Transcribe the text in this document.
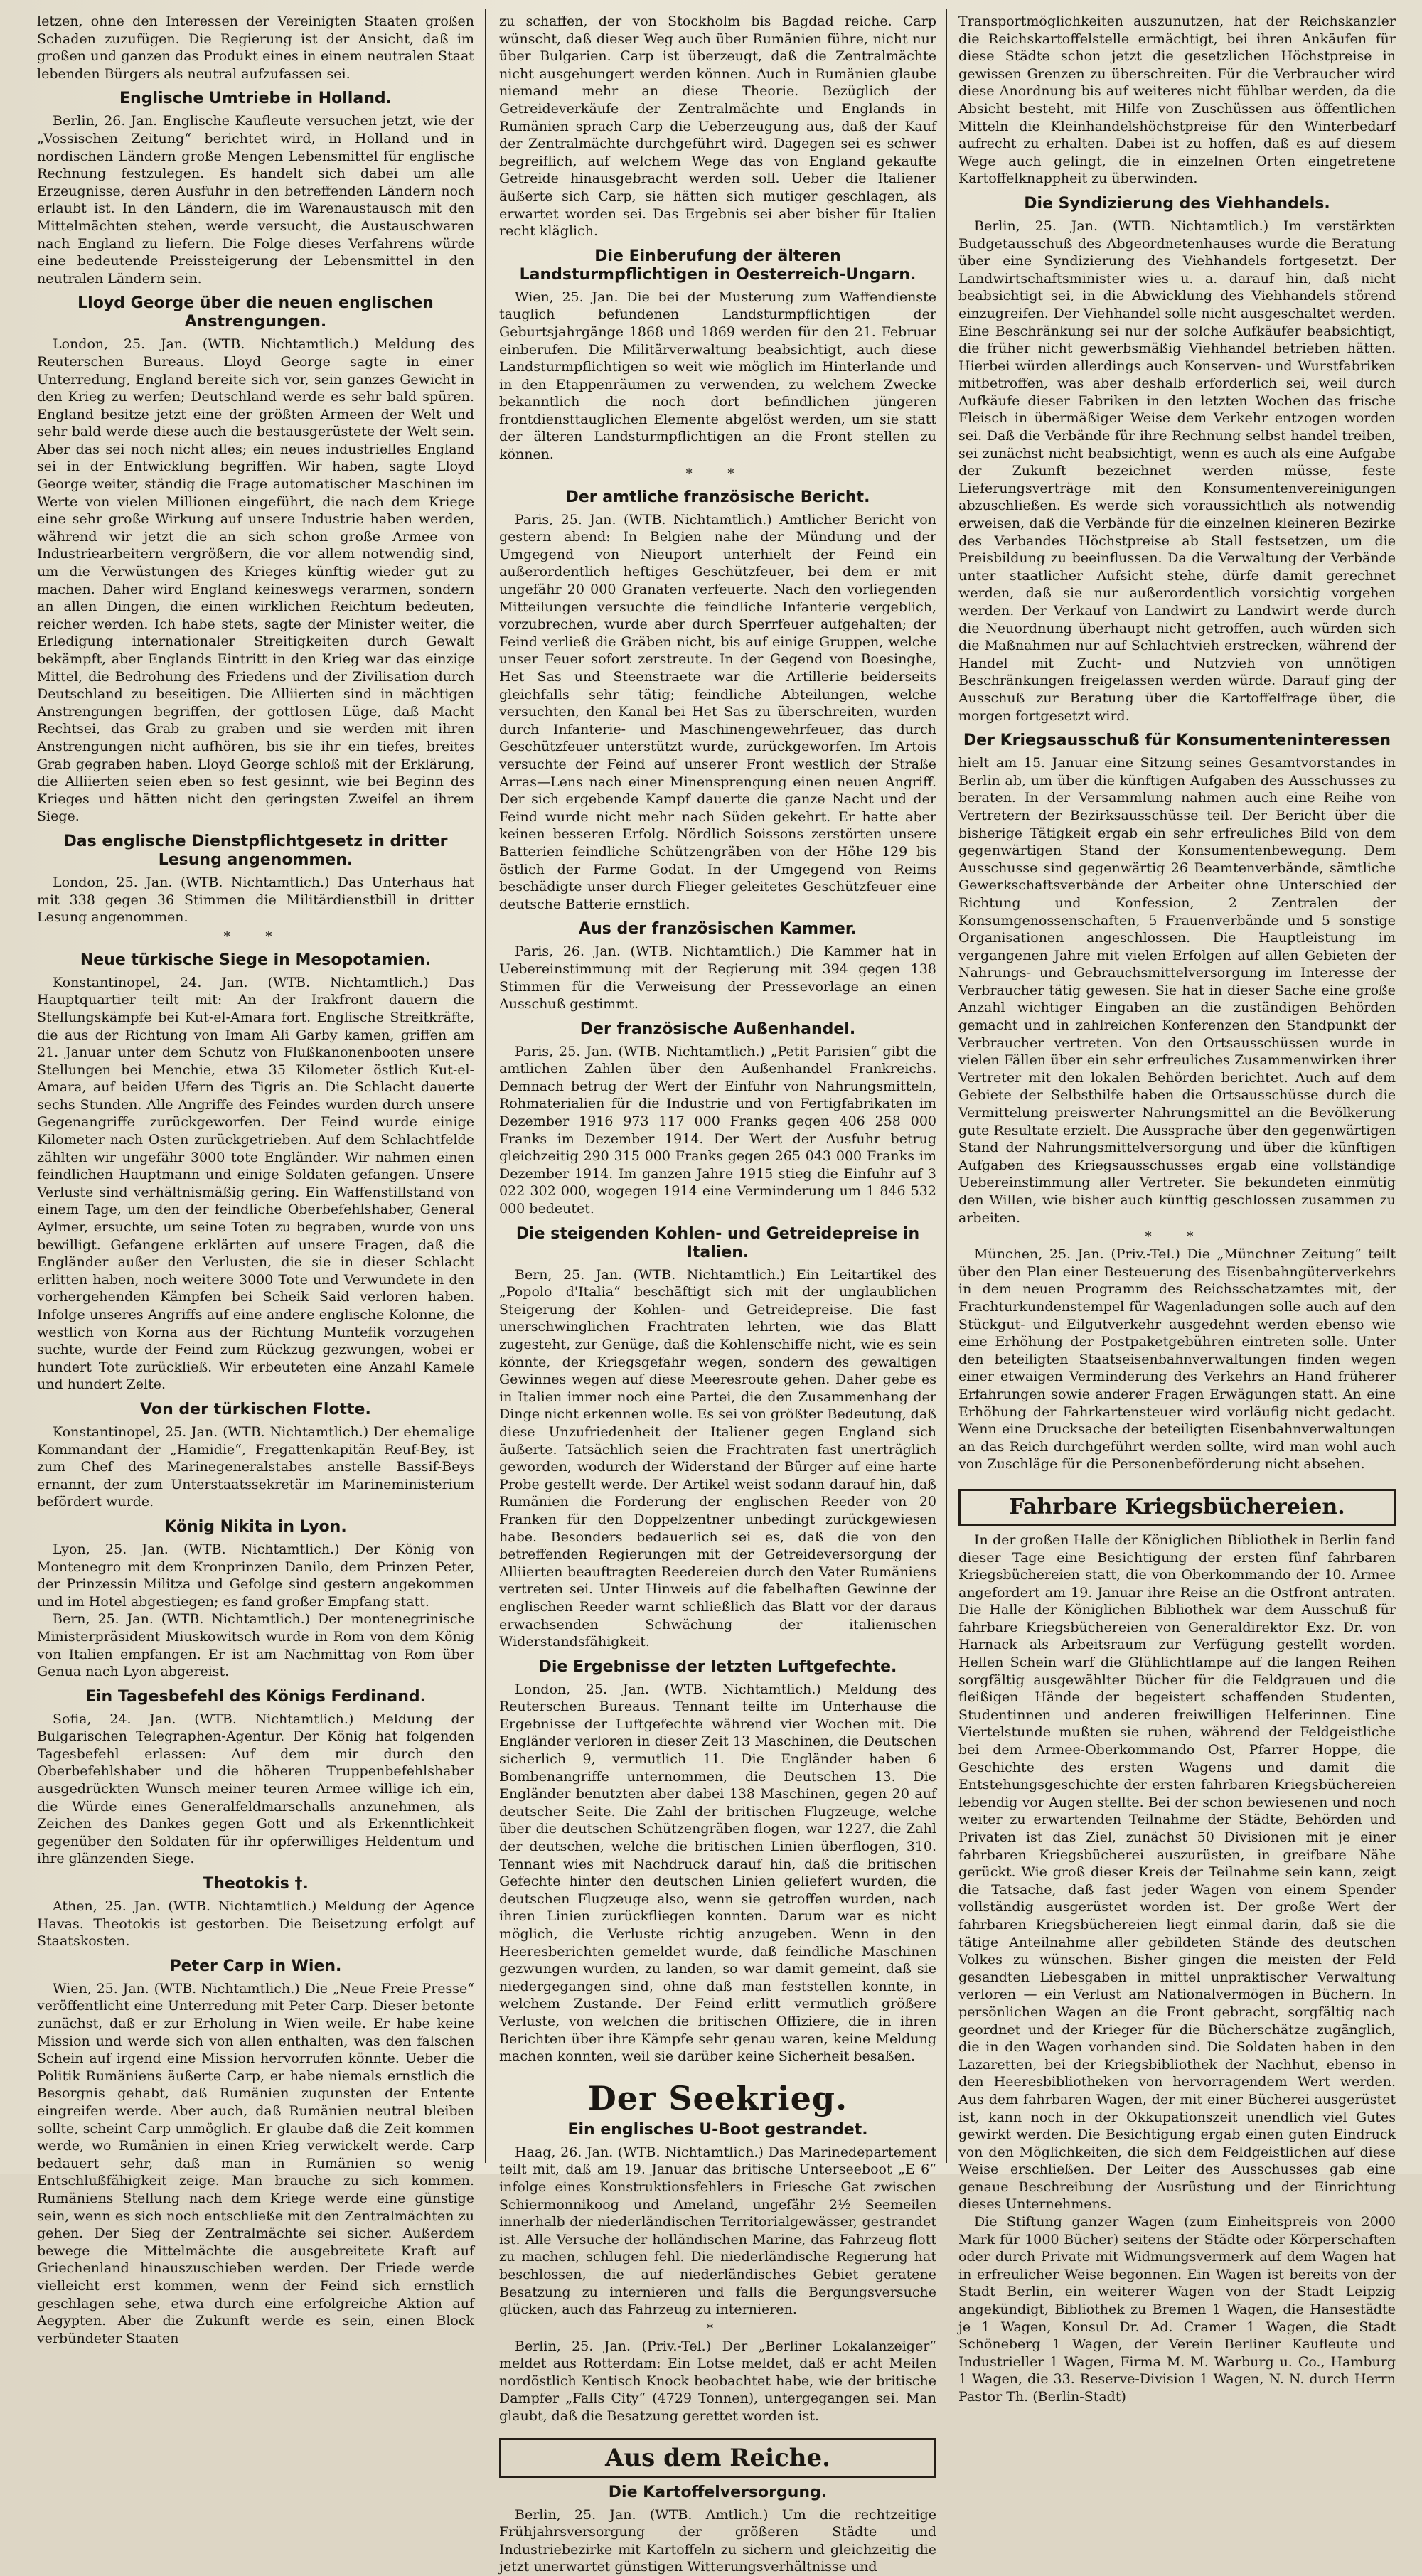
letzen, ohne den Interessen der Vereinigten Staaten großen Schaden zuzufügen. Die Regierung ist der Ansicht, daß im großen und ganzen das Produkt eines in einem neutralen Staat lebenden Bürgers als neutral aufzufassen sei.

Englische Umtriebe in Holland.

Berlin, 26. Jan. Englische Kaufleute versuchen jetzt, wie der „Vossischen Zeitung“ berichtet wird, in Holland und in nordischen Ländern große Mengen Lebensmittel für englische Rechnung festzulegen. Es handelt sich dabei um alle Erzeugnisse, deren Ausfuhr in den betreffenden Ländern noch erlaubt ist. In den Ländern, die im Warenaustausch mit den Mittelmächten stehen, werde versucht, die Austauschwaren nach England zu liefern. Die Folge dieses Verfahrens würde eine bedeutende Preissteigerung der Lebensmittel in den neutralen Ländern sein.

Lloyd George über die neuen englischen Anstrengungen.

London, 25. Jan. (WTB. Nichtamtlich.) Meldung des Reuterschen Bureaus. Lloyd George sagte in einer Unterredung, England bereite sich vor, sein ganzes Gewicht in den Krieg zu werfen; Deutschland werde es sehr bald spüren. England besitze jetzt eine der größten Armeen der Welt und sehr bald werde diese auch die bestausgerüstete der Welt sein. Aber das sei noch nicht alles; ein neues industrielles England sei in der Entwicklung begriffen. Wir haben, sagte Lloyd George weiter, ständig die Frage automatischer Maschinen im Werte von vielen Millionen eingeführt, die nach dem Kriege eine sehr große Wirkung auf unsere Industrie haben werden, während wir jetzt die an sich schon große Armee von Industriearbeitern vergrößern, die vor allem notwendig sind, um die Verwüstungen des Krieges künftig wieder gut zu machen. Daher wird England keineswegs verarmen, sondern an allen Dingen, die einen wirklichen Reichtum bedeuten, reicher werden. Ich habe stets, sagte der Minister weiter, die Erledigung internationaler Streitigkeiten durch Gewalt bekämpft, aber Englands Eintritt in den Krieg war das einzige Mittel, die Bedrohung des Friedens und der Zivilisation durch Deutschland zu beseitigen. Die Alliierten sind in mächtigen Anstrengungen begriffen, der gottlosen Lüge, daß Macht Rechtsei, das Grab zu graben und sie werden mit ihren Anstrengungen nicht aufhören, bis sie ihr ein tiefes, breites Grab gegraben haben. Lloyd George schloß mit der Erklärung, die Alliierten seien eben so fest gesinnt, wie bei Beginn des Krieges und hätten nicht den geringsten Zweifel an ihrem Siege.

Das englische Dienstpflichtgesetz in dritter Lesung angenommen.

London, 25. Jan. (WTB. Nichtamtlich.) Das Unterhaus hat mit 338 gegen 36 Stimmen die Militärdienstbill in dritter Lesung angenommen.

* *
Neue türkische Siege in Mesopotamien.

Konstantinopel, 24. Jan. (WTB. Nichtamtlich.) Das Hauptquartier teilt mit: An der Irakfront dauern die Stellungskämpfe bei Kut-el-Amara fort. Englische Streitkräfte, die aus der Richtung von Imam Ali Garby kamen, griffen am 21. Januar unter dem Schutz von Flußkanonenbooten unsere Stellungen bei Menchie, etwa 35 Kilometer östlich Kut-el-Amara, auf beiden Ufern des Tigris an. Die Schlacht dauerte sechs Stunden. Alle Angriffe des Feindes wurden durch unsere Gegenangriffe zurückgeworfen. Der Feind wurde einige Kilometer nach Osten zurückgetrieben. Auf dem Schlachtfelde zählten wir ungefähr 3000 tote Engländer. Wir nahmen einen feindlichen Hauptmann und einige Soldaten gefangen. Unsere Verluste sind verhältnismäßig gering. Ein Waffenstillstand von einem Tage, um den der feindliche Oberbefehlshaber, General Aylmer, ersuchte, um seine Toten zu begraben, wurde von uns bewilligt. Gefangene erklärten auf unsere Fragen, daß die Engländer außer den Verlusten, die sie in dieser Schlacht erlitten haben, noch weitere 3000 Tote und Verwundete in den vorhergehenden Kämpfen bei Scheik Said verloren haben. Infolge unseres Angriffs auf eine andere englische Kolonne, die westlich von Korna aus der Richtung Muntefik vorzugehen suchte, wurde der Feind zum Rückzug gezwungen, wobei er hundert Tote zurückließ. Wir erbeuteten eine Anzahl Kamele und hundert Zelte.

Von der türkischen Flotte.

Konstantinopel, 25. Jan. (WTB. Nichtamtlich.) Der ehemalige Kommandant der „Hamidie“, Fregattenkapitän Reuf-Bey, ist zum Chef des Marinegeneralstabes anstelle Bassif-Beys ernannt, der zum Unterstaatssekretär im Marineministerium befördert wurde.

König Nikita in Lyon.

Lyon, 25. Jan. (WTB. Nichtamtlich.) Der König von Montenegro mit dem Kronprinzen Danilo, dem Prinzen Peter, der Prinzessin Militza und Gefolge sind gestern angekommen und im Hotel abgestiegen; es fand großer Empfang statt.

Bern, 25. Jan. (WTB. Nichtamtlich.) Der montenegrinische Ministerpräsident Miuskowitsch wurde in Rom von dem König von Italien empfangen. Er ist am Nachmittag von Rom über Genua nach Lyon abgereist.

Ein Tagesbefehl des Königs Ferdinand.

Sofia, 24. Jan. (WTB. Nichtamtlich.) Meldung der Bulgarischen Telegraphen-Agentur. Der König hat folgenden Tagesbefehl erlassen: Auf dem mir durch den Oberbefehlshaber und die höheren Truppenbefehlshaber ausgedrückten Wunsch meiner teuren Armee willige ich ein, die Würde eines Generalfeldmarschalls anzunehmen, als Zeichen des Dankes gegen Gott und als Erkenntlichkeit gegenüber den Soldaten für ihr opferwilliges Heldentum und ihre glänzenden Siege.

Theotokis †.

Athen, 25. Jan. (WTB. Nichtamtlich.) Meldung der Agence Havas. Theotokis ist gestorben. Die Beisetzung erfolgt auf Staatskosten.

Peter Carp in Wien.

Wien, 25. Jan. (WTB. Nichtamtlich.) Die „Neue Freie Presse“ veröffentlicht eine Unterredung mit Peter Carp. Dieser betonte zunächst, daß er zur Erholung in Wien weile. Er habe keine Mission und werde sich von allen enthalten, was den falschen Schein auf irgend eine Mission hervorrufen könnte. Ueber die Politik Rumäniens äußerte Carp, er habe niemals ernstlich die Besorgnis gehabt, daß Rumänien zugunsten der Entente eingreifen werde. Aber auch, daß Rumänien neutral bleiben sollte, scheint Carp unmöglich. Er glaube daß die Zeit kommen werde, wo Rumänien in einen Krieg verwickelt werde. Carp bedauert sehr, daß man in Rumänien so wenig Entschlußfähigkeit zeige. Man brauche zu sich kommen. Rumäniens Stellung nach dem Kriege werde eine günstige sein, wenn es sich noch entschließe mit den Zentralmächten zu gehen. Der Sieg der Zentralmächte sei sicher. Außerdem bewege die Mittelmächte die ausgebreitete Kraft auf Griechenland hinauszuschieben werden. Der Friede werde vielleicht erst kommen, wenn der Feind sich ernstlich geschlagen sehe, etwa durch eine erfolgreiche Aktion auf Aegypten. Aber die Zukunft werde es sein, einen Block verbündeter Staaten

zu schaffen, der von Stockholm bis Bagdad reiche. Carp wünscht, daß dieser Weg auch über Rumänien führe, nicht nur über Bulgarien. Carp ist überzeugt, daß die Zentralmächte nicht ausgehungert werden können. Auch in Rumänien glaube niemand mehr an diese Theorie. Bezüglich der Getreideverkäufe der Zentralmächte und Englands in Rumänien sprach Carp die Ueberzeugung aus, daß der Kauf der Zentralmächte durchgeführt wird. Dagegen sei es schwer begreiflich, auf welchem Wege das von England gekaufte Getreide hinausgebracht werden soll. Ueber die Italiener äußerte sich Carp, sie hätten sich mutiger geschlagen, als erwartet worden sei. Das Ergebnis sei aber bisher für Italien recht kläglich.

Die Einberufung der älteren Landsturmpflichtigen in Oesterreich-Ungarn.

Wien, 25. Jan. Die bei der Musterung zum Waffendienste tauglich befundenen Landsturmpflichtigen der Geburtsjahrgänge 1868 und 1869 werden für den 21. Februar einberufen. Die Militärverwaltung beabsichtigt, auch diese Landsturmpflichtigen so weit wie möglich im Hinterlande und in den Etappenräumen zu verwenden, zu welchem Zwecke bekanntlich die noch dort befindlichen jüngeren frontdiensttauglichen Elemente abgelöst werden, um sie statt der älteren Landsturmpflichtigen an die Front stellen zu können.

* *
Der amtliche französische Bericht.

Paris, 25. Jan. (WTB. Nichtamtlich.) Amtlicher Bericht von gestern abend: In Belgien nahe der Mündung und der Umgegend von Nieuport unterhielt der Feind ein außerordentlich heftiges Geschützfeuer, bei dem er mit ungefähr 20 000 Granaten verfeuerte. Nach den vorliegenden Mitteilungen versuchte die feindliche Infanterie vergeblich, vorzubrechen, wurde aber durch Sperrfeuer aufgehalten; der Feind verließ die Gräben nicht, bis auf einige Gruppen, welche unser Feuer sofort zerstreute. In der Gegend von Boesinghe, Het Sas und Steenstraete war die Artillerie beiderseits gleichfalls sehr tätig; feindliche Abteilungen, welche versuchten, den Kanal bei Het Sas zu überschreiten, wurden durch Infanterie- und Maschinengewehrfeuer, das durch Geschützfeuer unterstützt wurde, zurückgeworfen. Im Artois versuchte der Feind auf unserer Front westlich der Straße Arras—Lens nach einer Minensprengung einen neuen Angriff. Der sich ergebende Kampf dauerte die ganze Nacht und der Feind wurde nicht mehr nach Süden gekehrt. Er hatte aber keinen besseren Erfolg. Nördlich Soissons zerstörten unsere Batterien feindliche Schützengräben von der Höhe 129 bis östlich der Farme Godat. In der Umgegend von Reims beschädigte unser durch Flieger geleitetes Geschützfeuer eine deutsche Batterie ernstlich.

Aus der französischen Kammer.

Paris, 26. Jan. (WTB. Nichtamtlich.) Die Kammer hat in Uebereinstimmung mit der Regierung mit 394 gegen 138 Stimmen für die Verweisung der Pressevorlage an einen Ausschuß gestimmt.

Der französische Außenhandel.

Paris, 25. Jan. (WTB. Nichtamtlich.) „Petit Parisien“ gibt die amtlichen Zahlen über den Außenhandel Frankreichs. Demnach betrug der Wert der Einfuhr von Nahrungsmitteln, Rohmaterialien für die Industrie und von Fertigfabrikaten im Dezember 1916 973 117 000 Franks gegen 406 258 000 Franks im Dezember 1914. Der Wert der Ausfuhr betrug gleichzeitig 290 315 000 Franks gegen 265 043 000 Franks im Dezember 1914. Im ganzen Jahre 1915 stieg die Einfuhr auf 3 022 302 000, wogegen 1914 eine Verminderung um 1 846 532 000 bedeutet.

Die steigenden Kohlen- und Getreidepreise in Italien.

Bern, 25. Jan. (WTB. Nichtamtlich.) Ein Leitartikel des „Popolo d'Italia“ beschäftigt sich mit der unglaublichen Steigerung der Kohlen- und Getreidepreise. Die fast unerschwinglichen Frachtraten lehrten, wie das Blatt zugesteht, zur Genüge, daß die Kohlenschiffe nicht, wie es sein könnte, der Kriegsgefahr wegen, sondern des gewaltigen Gewinnes wegen auf diese Meeresroute gehen. Daher gebe es in Italien immer noch eine Partei, die den Zusammenhang der Dinge nicht erkennen wolle. Es sei von größter Bedeutung, daß diese Unzufriedenheit der Italiener gegen England sich äußerte. Tatsächlich seien die Frachtraten fast unerträglich geworden, wodurch der Widerstand der Bürger auf eine harte Probe gestellt werde. Der Artikel weist sodann darauf hin, daß Rumänien die Forderung der englischen Reeder von 20 Franken für den Doppelzentner unbedingt zurückgewiesen habe. Besonders bedauerlich sei es, daß die von den betreffenden Regierungen mit der Getreideversorgung der Alliierten beauftragten Reedereien durch den Vater Rumäniens vertreten sei. Unter Hinweis auf die fabelhaften Gewinne der englischen Reeder warnt schließlich das Blatt vor der daraus erwachsenden Schwächung der italienischen Widerstandsfähigkeit.

Die Ergebnisse der letzten Luftgefechte.

London, 25. Jan. (WTB. Nichtamtlich.) Meldung des Reuterschen Bureaus. Tennant teilte im Unterhause die Ergebnisse der Luftgefechte während vier Wochen mit. Die Engländer verloren in dieser Zeit 13 Maschinen, die Deutschen sicherlich 9, vermutlich 11. Die Engländer haben 6 Bombenangriffe unternommen, die Deutschen 13. Die Engländer benutzten aber dabei 138 Maschinen, gegen 20 auf deutscher Seite. Die Zahl der britischen Flugzeuge, welche über die deutschen Schützengräben flogen, war 1227, die Zahl der deutschen, welche die britischen Linien überflogen, 310. Tennant wies mit Nachdruck darauf hin, daß die britischen Gefechte hinter den deutschen Linien geliefert wurden, die deutschen Flugzeuge also, wenn sie getroffen wurden, nach ihren Linien zurückfliegen konnten. Darum war es nicht möglich, die Verluste richtig anzugeben. Wenn in den Heeresberichten gemeldet wurde, daß feindliche Maschinen gezwungen wurden, zu landen, so war damit gemeint, daß sie niedergegangen sind, ohne daß man feststellen konnte, in welchem Zustande. Der Feind erlitt vermutlich größere Verluste, von welchen die britischen Offiziere, die in ihren Berichten über ihre Kämpfe sehr genau waren, keine Meldung machen konnten, weil sie darüber keine Sicherheit besaßen.

Der Seekrieg.
Ein englisches U-Boot gestrandet.

Haag, 26. Jan. (WTB. Nichtamtlich.) Das Marinedepartement teilt mit, daß am 19. Januar das britische Unterseeboot „E 6“ infolge eines Konstruktionsfehlers in Friesche Gat zwischen Schiermonnikoog und Ameland, ungefähr 2½ Seemeilen innerhalb der niederländischen Territorialgewässer, gestrandet ist. Alle Versuche der holländischen Marine, das Fahrzeug flott zu machen, schlugen fehl. Die niederländische Regierung hat beschlossen, die auf niederländisches Gebiet geratene Besatzung zu internieren und falls die Bergungsversuche glücken, auch das Fahrzeug zu internieren.

*

Berlin, 25. Jan. (Priv.-Tel.) Der „Berliner Lokalanzeiger“ meldet aus Rotterdam: Ein Lotse meldet, daß er acht Meilen nordöstlich Kentisch Knock beobachtet habe, wie der britische Dampfer „Falls City“ (4729 Tonnen), untergegangen sei. Man glaubt, daß die Besatzung gerettet worden ist.

Aus dem Reiche.
Die Kartoffelversorgung.

Berlin, 25. Jan. (WTB. Amtlich.) Um die rechtzeitige Frühjahrsversorgung der größeren Städte und Industriebezirke mit Kartoffeln zu sichern und gleichzeitig die jetzt unerwartet günstigen Witterungsverhältnisse und

Transportmöglichkeiten auszunutzen, hat der Reichskanzler die Reichskartoffelstelle ermächtigt, bei ihren Ankäufen für diese Städte schon jetzt die gesetzlichen Höchstpreise in gewissen Grenzen zu überschreiten. Für die Verbraucher wird diese Anordnung bis auf weiteres nicht fühlbar werden, da die Absicht besteht, mit Hilfe von Zuschüssen aus öffentlichen Mitteln die Kleinhandelshöchstpreise für den Winterbedarf aufrecht zu erhalten. Dabei ist zu hoffen, daß es auf diesem Wege auch gelingt, die in einzelnen Orten eingetretene Kartoffelknappheit zu überwinden.

Die Syndizierung des Viehhandels.

Berlin, 25. Jan. (WTB. Nichtamtlich.) Im verstärkten Budgetausschuß des Abgeordnetenhauses wurde die Beratung über eine Syndizierung des Viehhandels fortgesetzt. Der Landwirtschaftsminister wies u. a. darauf hin, daß nicht beabsichtigt sei, in die Abwicklung des Viehhandels störend einzugreifen. Der Viehhandel solle nicht ausgeschaltet werden. Eine Beschränkung sei nur der solche Aufkäufer beabsichtigt, die früher nicht gewerbsmäßig Viehhandel betrieben hätten. Hierbei würden allerdings auch Konserven- und Wurstfabriken mitbetroffen, was aber deshalb erforderlich sei, weil durch Aufkäufe dieser Fabriken in den letzten Wochen das frische Fleisch in übermäßiger Weise dem Verkehr entzogen worden sei. Daß die Verbände für ihre Rechnung selbst handel treiben, sei zunächst nicht beabsichtigt, wenn es auch als eine Aufgabe der Zukunft bezeichnet werden müsse, feste Lieferungsverträge mit den Konsumentenvereinigungen abzuschließen. Es werde sich voraussichtlich als notwendig erweisen, daß die Verbände für die einzelnen kleineren Bezirke des Verbandes Höchstpreise ab Stall festsetzen, um die Preisbildung zu beeinflussen. Da die Verwaltung der Verbände unter staatlicher Aufsicht stehe, dürfe damit gerechnet werden, daß sie nur außerordentlich vorsichtig vorgehen werden. Der Verkauf von Landwirt zu Landwirt werde durch die Neuordnung überhaupt nicht getroffen, auch würden sich die Maßnahmen nur auf Schlachtvieh erstrecken, während der Handel mit Zucht- und Nutzvieh von unnötigen Beschränkungen freigelassen werden würde. Darauf ging der Ausschuß zur Beratung über die Kartoffelfrage über, die morgen fortgesetzt wird.

Der Kriegsausschuß für Konsumenteninteressen

hielt am 15. Januar eine Sitzung seines Gesamtvorstandes in Berlin ab, um über die künftigen Aufgaben des Ausschusses zu beraten. In der Versammlung nahmen auch eine Reihe von Vertretern der Bezirksausschüsse teil. Der Bericht über die bisherige Tätigkeit ergab ein sehr erfreuliches Bild von dem gegenwärtigen Stand der Konsumentenbewegung. Dem Ausschusse sind gegenwärtig 26 Beamtenverbände, sämtliche Gewerkschaftsverbände der Arbeiter ohne Unterschied der Richtung und Konfession, 2 Zentralen der Konsumgenossenschaften, 5 Frauenverbände und 5 sonstige Organisationen angeschlossen. Die Hauptleistung im vergangenen Jahre mit vielen Erfolgen auf allen Gebieten der Nahrungs- und Gebrauchsmittelversorgung im Interesse der Verbraucher tätig gewesen. Sie hat in dieser Sache eine große Anzahl wichtiger Eingaben an die zuständigen Behörden gemacht und in zahlreichen Konferenzen den Standpunkt der Verbraucher vertreten. Von den Ortsausschüssen wurde in vielen Fällen über ein sehr erfreuliches Zusammenwirken ihrer Vertreter mit den lokalen Behörden berichtet. Auch auf dem Gebiete der Selbsthilfe haben die Ortsausschüsse durch die Vermittelung preiswerter Nahrungsmittel an die Bevölkerung gute Resultate erzielt. Die Aussprache über den gegenwärtigen Stand der Nahrungsmittelversorgung und über die künftigen Aufgaben des Kriegsausschusses ergab eine vollständige Uebereinstimmung aller Vertreter. Sie bekundeten einmütig den Willen, wie bisher auch künftig geschlossen zusammen zu arbeiten.

* *

München, 25. Jan. (Priv.-Tel.) Die „Münchner Zeitung“ teilt über den Plan einer Besteuerung des Eisenbahngüterverkehrs in dem neuen Programm des Reichsschatzamtes mit, der Frachturkundenstempel für Wagenladungen solle auch auf den Stückgut- und Eilgutverkehr ausgedehnt werden ebenso wie eine Erhöhung der Postpaketgebühren eintreten solle. Unter den beteiligten Staatseisenbahnverwaltungen finden wegen einer etwaigen Verminderung des Verkehrs an Hand früherer Erfahrungen sowie anderer Fragen Erwägungen statt. An eine Erhöhung der Fahrkartensteuer wird vorläufig nicht gedacht. Wenn eine Drucksache der beteiligten Eisenbahnverwaltungen an das Reich durchgeführt werden sollte, wird man wohl auch von Zuschläge für die Personenbeförderung nicht absehen.

Fahrbare Kriegsbüchereien.

In der großen Halle der Königlichen Bibliothek in Berlin fand dieser Tage eine Besichtigung der ersten fünf fahrbaren Kriegsbüchereien statt, die von Oberkommando der 10. Armee angefordert am 19. Januar ihre Reise an die Ostfront antraten. Die Halle der Königlichen Bibliothek war dem Ausschuß für fahrbare Kriegsbüchereien von Generaldirektor Exz. Dr. von Harnack als Arbeitsraum zur Verfügung gestellt worden. Hellen Schein warf die Glühlichtlampe auf die langen Reihen sorgfältig ausgewählter Bücher für die Feldgrauen und die fleißigen Hände der begeistert schaffenden Studenten, Studentinnen und anderen freiwilligen Helferinnen. Eine Viertelstunde mußten sie ruhen, während der Feldgeistliche bei dem Armee-Oberkommando Ost, Pfarrer Hoppe, die Geschichte des ersten Wagens und damit die Entstehungsgeschichte der ersten fahrbaren Kriegsbüchereien lebendig vor Augen stellte. Bei der schon bewiesenen und noch weiter zu erwartenden Teilnahme der Städte, Behörden und Privaten ist das Ziel, zunächst 50 Divisionen mit je einer fahrbaren Kriegsbücherei auszurüsten, in greifbare Nähe gerückt. Wie groß dieser Kreis der Teilnahme sein kann, zeigt die Tatsache, daß fast jeder Wagen von einem Spender vollständig ausgerüstet worden ist. Der große Wert der fahrbaren Kriegsbüchereien liegt einmal darin, daß sie die tätige Anteilnahme aller gebildeten Stände des deutschen Volkes zu wünschen. Bisher gingen die meisten der Feld gesandten Liebesgaben in mittel unpraktischer Verwaltung verloren — ein Verlust am Nationalvermögen in Büchern. In persönlichen Wagen an die Front gebracht, sorgfältig nach geordnet und der Krieger für die Bücherschätze zugänglich, die in den Wagen vorhanden sind. Die Soldaten haben in den Lazaretten, bei der Kriegsbibliothek der Nachhut, ebenso in den Heeresbibliotheken von hervorragendem Wert werden. Aus dem fahrbaren Wagen, der mit einer Bücherei ausgerüstet ist, kann noch in der Okkupationszeit unendlich viel Gutes gewirkt werden. Die Besichtigung ergab einen guten Eindruck von den Möglichkeiten, die sich dem Feldgeistlichen auf diese Weise erschließen. Der Leiter des Ausschusses gab eine genaue Beschreibung der Ausrüstung und der Einrichtung dieses Unternehmens.

Die Stiftung ganzer Wagen (zum Einheitspreis von 2000 Mark für 1000 Bücher) seitens der Städte oder Körperschaften oder durch Private mit Widmungsvermerk auf dem Wagen hat in erfreulicher Weise begonnen. Ein Wagen ist bereits von der Stadt Berlin, ein weiterer Wagen von der Stadt Leipzig angekündigt, Bibliothek zu Bremen 1 Wagen, die Hansestädte je 1 Wagen, Konsul Dr. Ad. Cramer 1 Wagen, die Stadt Schöneberg 1 Wagen, der Verein Berliner Kaufleute und Industrieller 1 Wagen, Firma M. M. Warburg u. Co., Hamburg 1 Wagen, die 33. Reserve-Division 1 Wagen, N. N. durch Herrn Pastor Th. (Berlin-Stadt)
